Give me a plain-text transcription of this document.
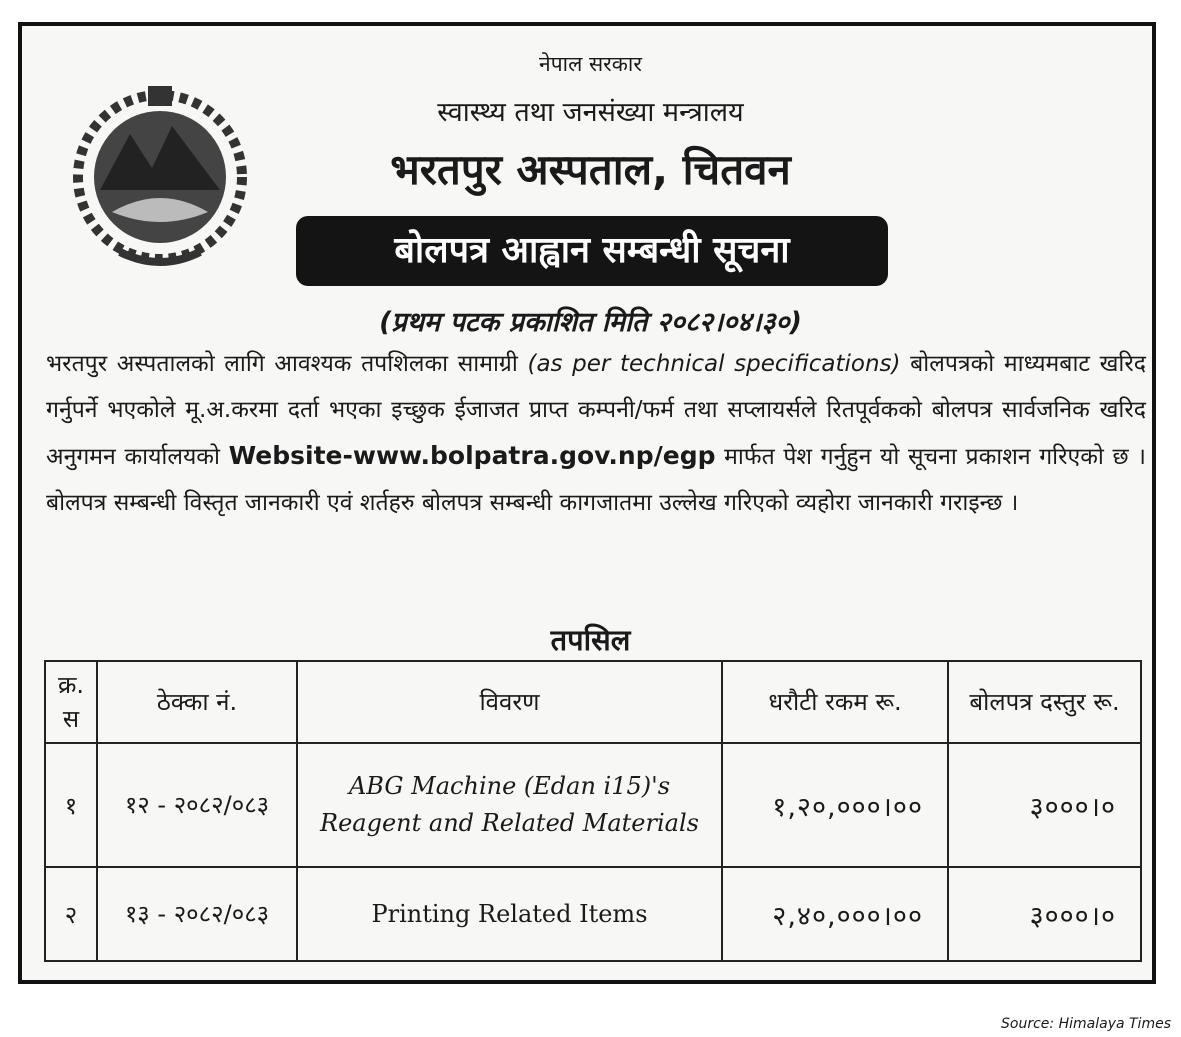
नेपाल सरकार
स्वास्थ्य तथा जनसंख्या मन्त्रालय
भरतपुर अस्पताल, चितवन
बोलपत्र आह्वान सम्बन्धी सूचना
(प्रथम पटक प्रकाशित मिति २०८२।०४।३०)
भरतपुर अस्पतालको लागि आवश्यक तपशिलका सामाग्री (as per technical specifications) बोलपत्रको माध्यमबाट खरिद गर्नुपर्ने भएकोले मू.अ.करमा दर्ता भएका इच्छुक ईजाजत प्राप्त कम्पनी/फर्म तथा सप्लायर्सले रितपूर्वकको बोलपत्र सार्वजनिक खरिद अनुगमन कार्यालयको Website-www.bolpatra.gov.np/egp मार्फत पेश गर्नुहुन यो सूचना प्रकाशन गरिएको छ । बोलपत्र सम्बन्धी विस्तृत जानकारी एवं शर्तहरु बोलपत्र सम्बन्धी कागजातमा उल्लेख गरिएको व्यहोरा जानकारी गराइन्छ ।
तपसिल
क्र. स	ठेक्का नं.	विवरण	धरौटी रकम रू.	बोलपत्र दस्तुर रू.
१	१२ - २०८२/०८३	ABG Machine (Edan i15)'s Reagent and Related Materials	१,२०,०००।००	३०००।०
२	१३ - २०८२/०८३	Printing Related Items	२,४०,०००।००	३०००।०
Source: Himalaya Times
